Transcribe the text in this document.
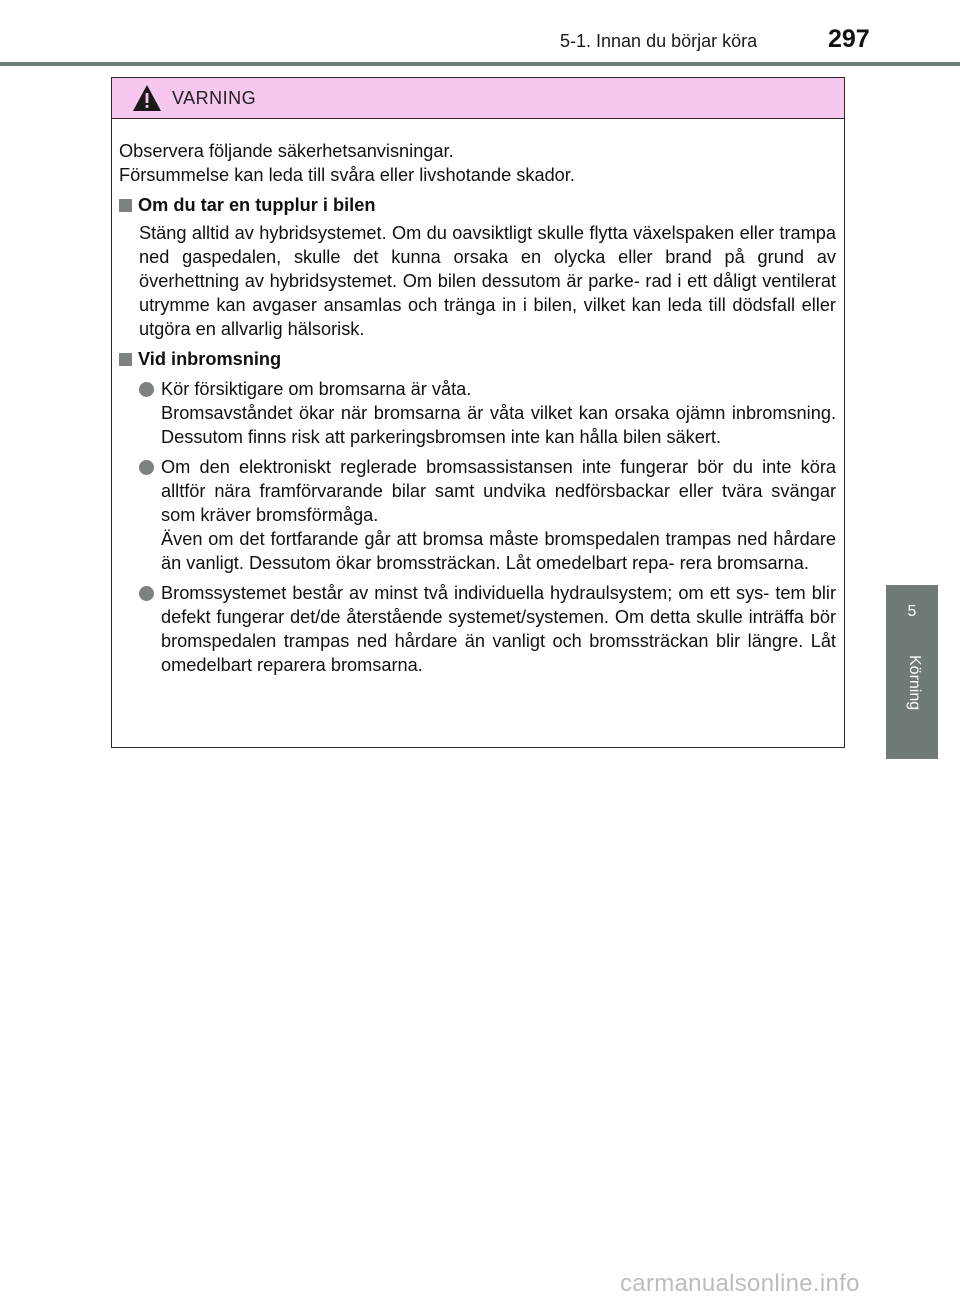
5-1. Innan du börjar köra	297
5
Körning
VARNING

Observera följande säkerhetsanvisningar.

Försummelse kan leda till svåra eller livshotande skador.

Om du tar en tupplur i bilen

Stäng alltid av hybridsystemet. Om du oavsiktligt skulle flytta växelspaken eller trampa ned gaspedalen, skulle det kunna orsaka en olycka eller brand på grund av överhettning av hybridsystemet. Om bilen dessutom är parke- rad i ett dåligt ventilerat utrymme kan avgaser ansamlas och tränga in i bilen, vilket kan leda till dödsfall eller utgöra en allvarlig hälsorisk.

Vid inbromsning

Kör försiktigare om bromsarna är våta.

Bromsavståndet ökar när bromsarna är våta vilket kan orsaka ojämn inbromsning. Dessutom finns risk att parkeringsbromsen inte kan hålla bilen säkert.

Om den elektroniskt reglerade bromsassistansen inte fungerar bör du inte köra alltför nära framförvarande bilar samt undvika nedförsbackar eller tvära svängar som kräver bromsförmåga.

Även om det fortfarande går att bromsa måste bromspedalen trampas ned hårdare än vanligt. Dessutom ökar bromssträckan. Låt omedelbart repa- rera bromsarna.

Bromssystemet består av minst två individuella hydraulsystem; om ett sys- tem blir defekt fungerar det/de återstående systemet/systemen. Om detta skulle inträffa bör bromspedalen trampas ned hårdare än vanligt och bromssträckan blir längre. Låt omedelbart reparera bromsarna.

carmanualsonline.info
